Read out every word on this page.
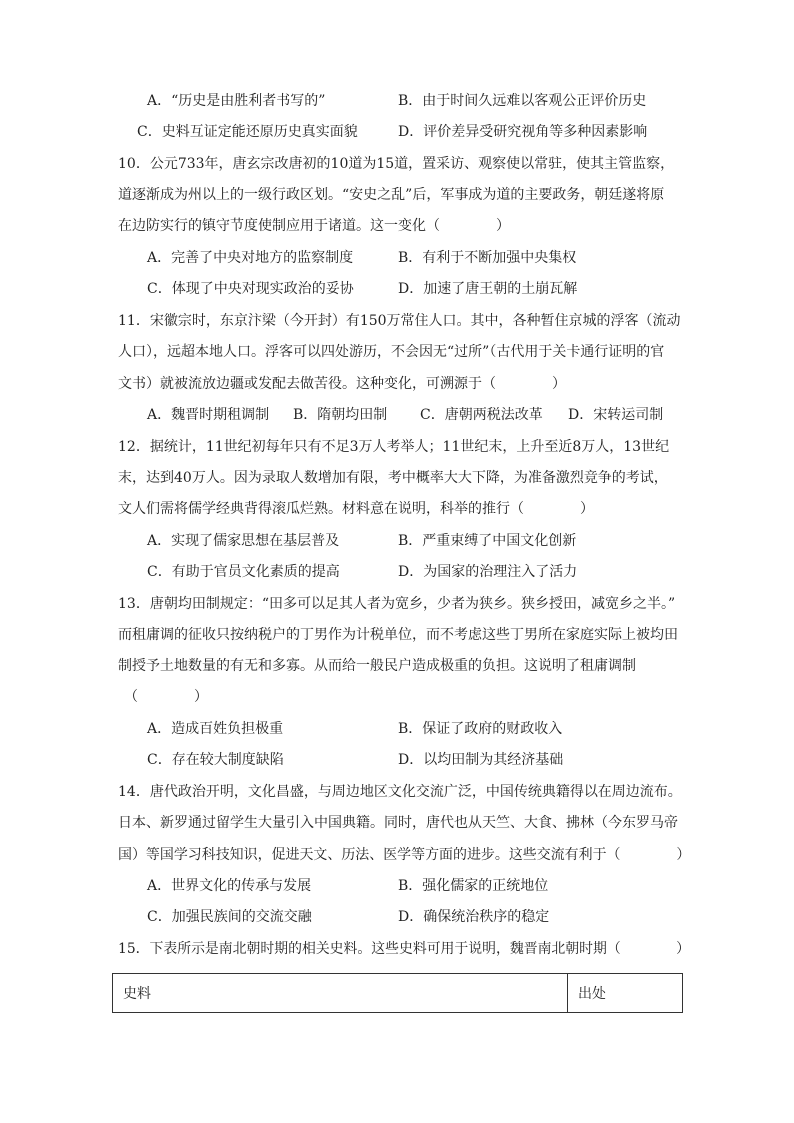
A．“历史是由胜利者书写的”	B．由于时间久远难以客观公正评价历史
C．史料互证定能还原历史真实面貌	D．评价差异受研究视角等多种因素影响
10．公元733年，唐玄宗改唐初的10道为15道，置采访、观察使以常驻，使其主管监察，
道逐渐成为州以上的一级行政区划。“安史之乱”后，军事成为道的主要政务，朝廷遂将原
在边防实行的镇守节度使制应用于诸道。这一变化（　　　　）
A．完善了中央对地方的监察制度	B．有利于不断加强中央集权
C．体现了中央对现实政治的妥协	D．加速了唐王朝的土崩瓦解
11．宋徽宗时，东京汴梁（今开封）有150万常住人口。其中，各种暂住京城的浮客（流动
人口），远超本地人口。浮客可以四处游历，不会因无“过所”（古代用于关卡通行证明的官
文书）就被流放边疆或发配去做苦役。这种变化，可溯源于（　　　　）
A．魏晋时期租调制 B．隋朝均田制 C．唐朝两税法改革 D．宋转运司制
12．据统计，11世纪初每年只有不足3万人考举人；11世纪末，上升至近8万人，13世纪
末，达到40万人。因为录取人数增加有限，考中概率大大下降，为准备激烈竞争的考试，
文人们需将儒学经典背得滚瓜烂熟。材料意在说明，科举的推行（　　　　）
A．实现了儒家思想在基层普及	B．严重束缚了中国文化创新
C．有助于官员文化素质的提高	D．为国家的治理注入了活力
13．唐朝均田制规定：“田多可以足其人者为宽乡，少者为狭乡。狭乡授田，减宽乡之半。”
而租庸调的征收只按纳税户的丁男作为计税单位，而不考虑这些丁男所在家庭实际上被均田
制授予土地数量的有无和多寡。从而给一般民户造成极重的负担。这说明了租庸调制
（　　　　）
A．造成百姓负担极重	B．保证了政府的财政收入
C．存在较大制度缺陷	D．以均田制为其经济基础
14．唐代政治开明，文化昌盛，与周边地区文化交流广泛，中国传统典籍得以在周边流布。
日本、新罗通过留学生大量引入中国典籍。同时，唐代也从天竺、大食、拂林（今东罗马帝
国）等国学习科技知识，促进天文、历法、医学等方面的进步。这些交流有利于（　　　　）
A．世界文化的传承与发展	B．强化儒家的正统地位
C．加强民族间的交流交融	D．确保统治秩序的稳定
15．下表所示是南北朝时期的相关史料。这些史料可用于说明，魏晋南北朝时期（　　　　）
史料	出处
